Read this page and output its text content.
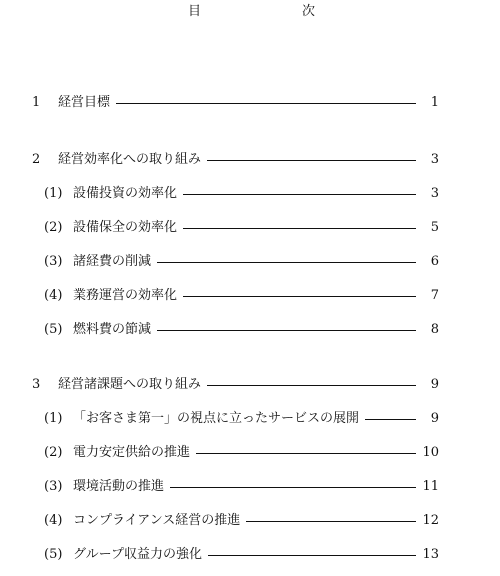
目	次
1 経営目標	1
2 経営効率化への取り組み	3
(1) 設備投資の効率化	3
(2) 設備保全の効率化	5
(3) 諸経費の削減	6
(4) 業務運営の効率化	7
(5) 燃料費の節減	8
3 経営諸課題への取り組み	9
(1) 「お客さま第一」の視点に立ったサービスの展開	9
(2) 電力安定供給の推進	10
(3) 環境活動の推進	11
(4) コンプライアンス経営の推進	12
(5) グループ収益力の強化	13
